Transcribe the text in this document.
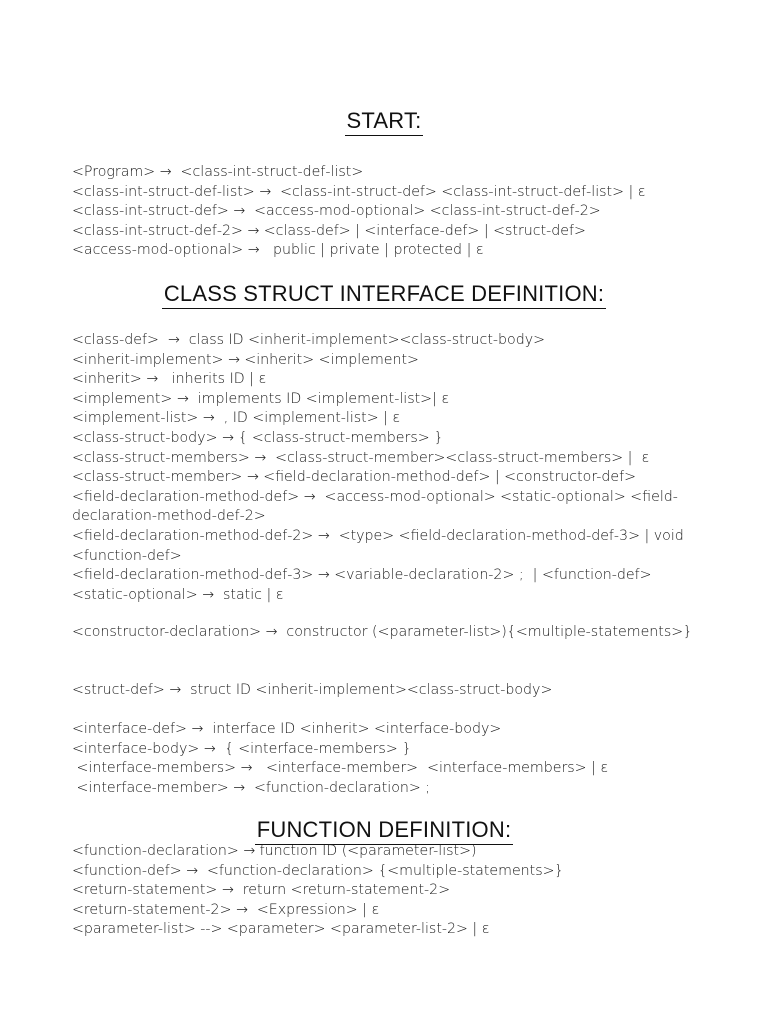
START:
<Program> →  <class-int-struct-def-list>
<class-int-struct-def-list> →  <class-int-struct-def> <class-int-struct-def-list> | ε
<class-int-struct-def> →  <access-mod-optional> <class-int-struct-def-2>
<class-int-struct-def-2> → <class-def> | <interface-def> | <struct-def>
<access-mod-optional> →   public | private | protected | ε
CLASS STRUCT INTERFACE DEFINITION:
<class-def>  →  class ID <inherit-implement><class-struct-body>
<inherit-implement> → <inherit> <implement>
<inherit> →   inherits ID | ε
<implement> →  implements ID <implement-list>| ε
<implement-list> →  , ID <implement-list> | ε
<class-struct-body> → { <class-struct-members> }
<class-struct-members> →  <class-struct-member><class-struct-members> |  ε
<class-struct-member> → <field-declaration-method-def> | <constructor-def>
<field-declaration-method-def> →  <access-mod-optional> <static-optional> <field-declaration-method-def-2>
<field-declaration-method-def-2> →  <type> <field-declaration-method-def-3> | void <function-def>
<field-declaration-method-def-3> → <variable-declaration-2> ;  | <function-def>
<static-optional> →  static | ε
<constructor-declaration> →  constructor (<parameter-list>){<multiple-statements>}
<struct-def> →  struct ID <inherit-implement><class-struct-body>
<interface-def> →  interface ID <inherit> <interface-body>
<interface-body> →  { <interface-members> }
<interface-members> →   <interface-member>  <interface-members> | ε
<interface-member> →  <function-declaration> ;
FUNCTION DEFINITION:
<function-declaration> → function ID (<parameter-list>)
<function-def> →  <function-declaration> {<multiple-statements>}
<return-statement> →  return <return-statement-2>
<return-statement-2> →  <Expression> | ε
<parameter-list> --> <parameter> <parameter-list-2> | ε
